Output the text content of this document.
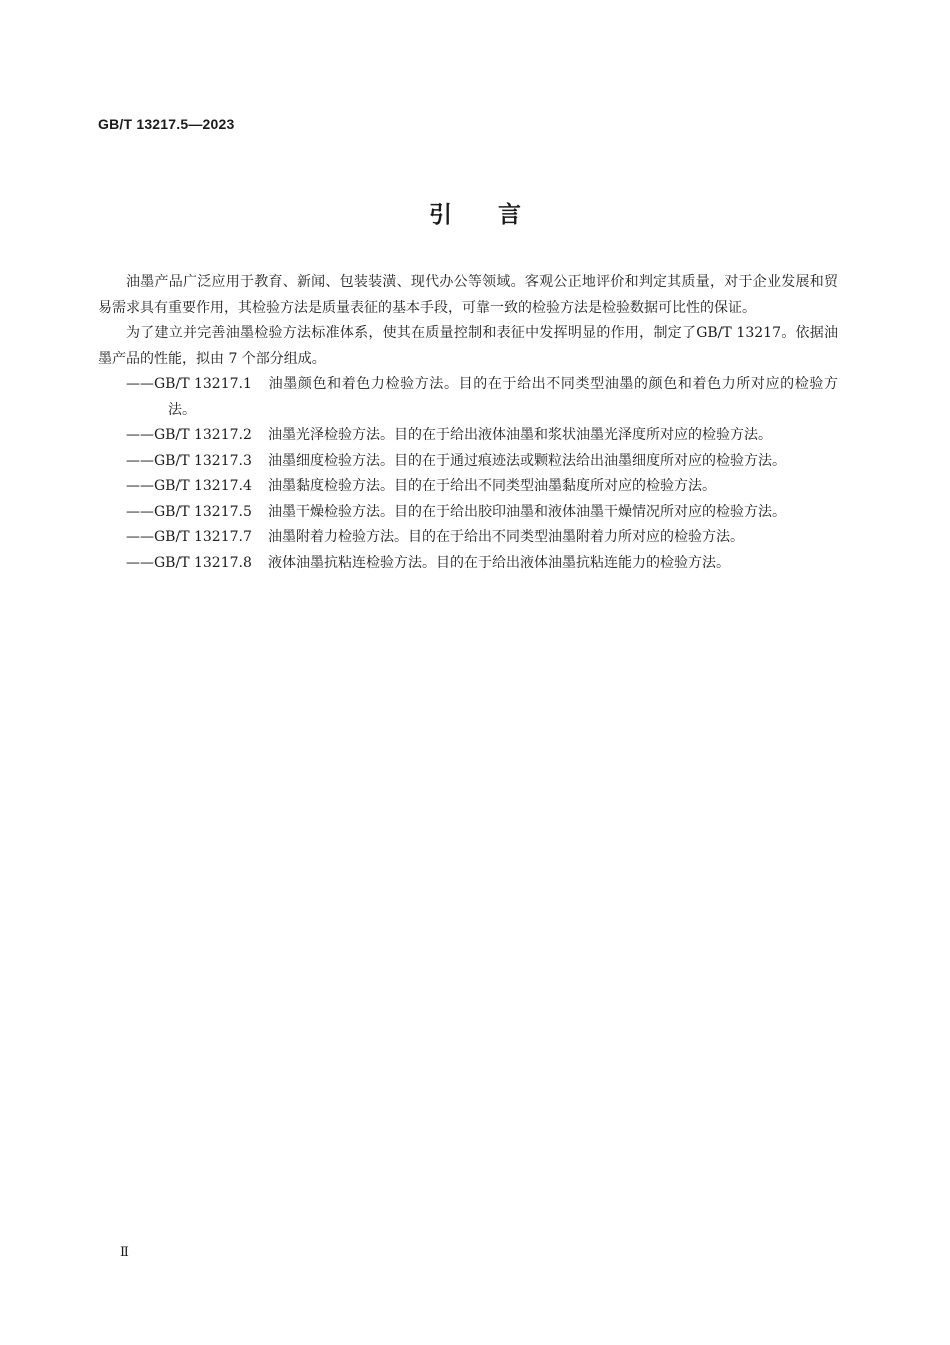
GB/T 13217.5—2023
引言

油墨产品广泛应用于教育、新闻、包装装潢、现代办公等领域。客观公正地评价和判定其质量，对于企业发展和贸易需求具有重要作用，其检验方法是质量表征的基本手段，可靠一致的检验方法是检验数据可比性的保证。

为了建立并完善油墨检验方法标准体系，使其在质量控制和表征中发挥明显的作用，制定了GB/T 13217。依据油墨产品的性能，拟由 7 个部分组成。

——GB/T 13217.1	油墨颜色和着色力检验方法。目的在于给出不同类型油墨的颜色和着色力所对应的检验方法。
——GB/T 13217.2	油墨光泽检验方法。目的在于给出液体油墨和浆状油墨光泽度所对应的检验方法。
——GB/T 13217.3	油墨细度检验方法。目的在于通过痕迹法或颗粒法给出油墨细度所对应的检验方法。
——GB/T 13217.4	油墨黏度检验方法。目的在于给出不同类型油墨黏度所对应的检验方法。
——GB/T 13217.5	油墨干燥检验方法。目的在于给出胶印油墨和液体油墨干燥情况所对应的检验方法。
——GB/T 13217.7	油墨附着力检验方法。目的在于给出不同类型油墨附着力所对应的检验方法。
——GB/T 13217.8	液体油墨抗粘连检验方法。目的在于给出液体油墨抗粘连能力的检验方法。
Ⅱ
